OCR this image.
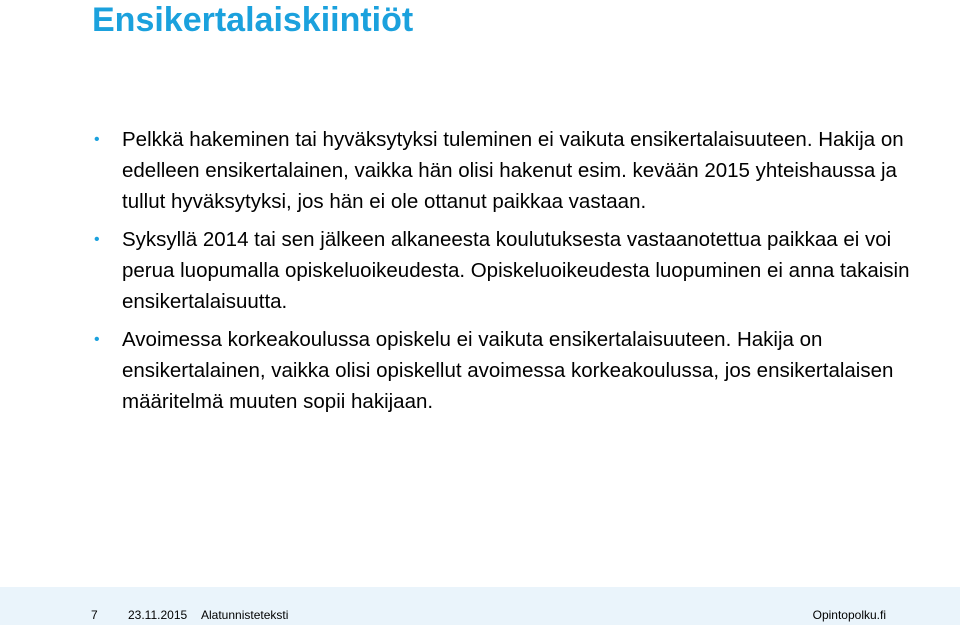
Ensikertalaiskiintiöt
•	Pelkkä hakeminen tai hyväksytyksi tuleminen ei vaikuta ensikertalaisuuteen. Hakija on edelleen ensikertalainen, vaikka hän olisi hakenut esim. kevään 2015 yhteishaussa ja tullut hyväksytyksi, jos hän ei ole ottanut paikkaa vastaan.
•	Syksyllä 2014 tai sen jälkeen alkaneesta koulutuksesta vastaanotettua paikkaa ei voi perua luopumalla opiskeluoikeudesta. Opiskeluoikeudesta luopuminen ei anna takaisin ensikertalaisuutta.
•	Avoimessa korkeakoulussa opiskelu ei vaikuta ensikertalaisuuteen. Hakija on ensikertalainen, vaikka olisi opiskellut avoimessa korkeakoulussa, jos ensikertalaisen määritelmä muuten sopii hakijaan.
7	23.11.2015 Alatunnisteteksti	Opintopolku.fi
